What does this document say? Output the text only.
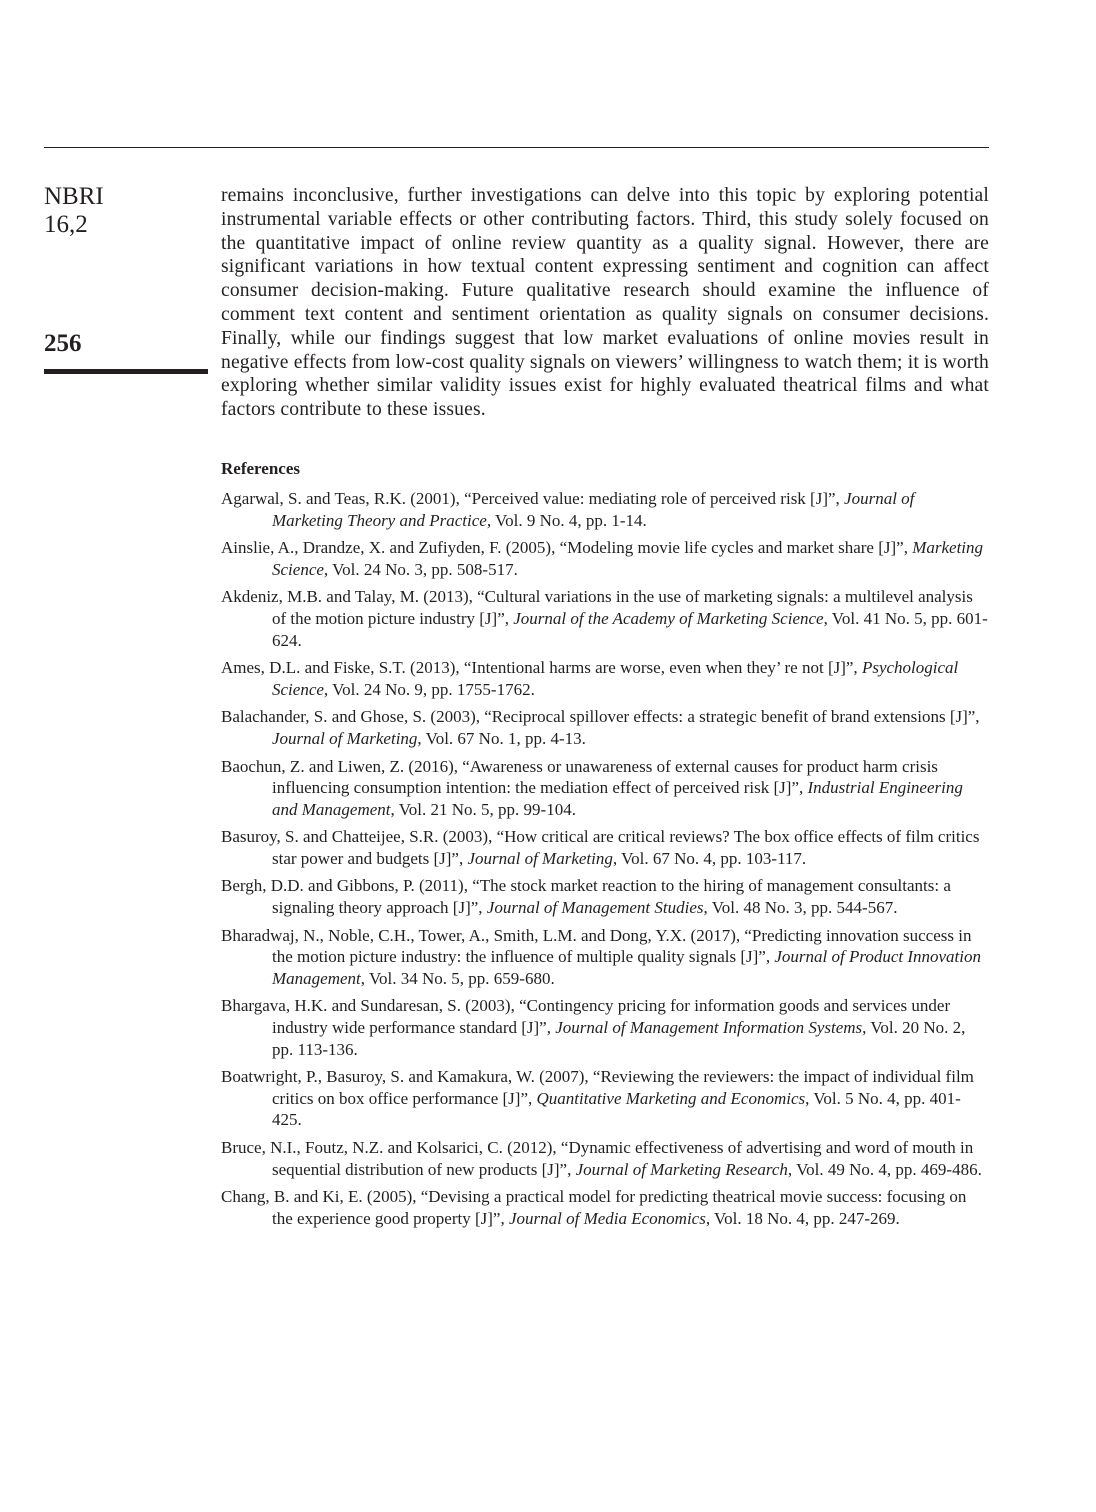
NBRI
16,2
256

remains inconclusive, further investigations can delve into this topic by exploring potential instrumental variable effects or other contributing factors. Third, this study solely focused on the quantitative impact of online review quantity as a quality signal. However, there are significant variations in how textual content expressing sentiment and cognition can affect consumer decision-making. Future qualitative research should examine the influence of comment text content and sentiment orientation as quality signals on consumer decisions. Finally, while our findings suggest that low market evaluations of online movies result in negative effects from low-cost quality signals on viewers’ willingness to watch them; it is worth exploring whether similar validity issues exist for highly evaluated theatrical films and what factors contribute to these issues.

References
Agarwal, S. and Teas, R.K. (2001), “Perceived value: mediating role of perceived risk [J]”, Journal of Marketing Theory and Practice, Vol. 9 No. 4, pp. 1-14.
Ainslie, A., Drandze, X. and Zufiyden, F. (2005), “Modeling movie life cycles and market share [J]”, Marketing Science, Vol. 24 No. 3, pp. 508-517.
Akdeniz, M.B. and Talay, M. (2013), “Cultural variations in the use of marketing signals: a multilevel analysis of the motion picture industry [J]”, Journal of the Academy of Marketing Science, Vol. 41 No. 5, pp. 601-624.
Ames, D.L. and Fiske, S.T. (2013), “Intentional harms are worse, even when they’ re not [J]”, Psychological Science, Vol. 24 No. 9, pp. 1755-1762.
Balachander, S. and Ghose, S. (2003), “Reciprocal spillover effects: a strategic benefit of brand extensions [J]”, Journal of Marketing, Vol. 67 No. 1, pp. 4-13.
Baochun, Z. and Liwen, Z. (2016), “Awareness or unawareness of external causes for product harm crisis influencing consumption intention: the mediation effect of perceived risk [J]”, Industrial Engineering and Management, Vol. 21 No. 5, pp. 99-104.
Basuroy, S. and Chatteijee, S.R. (2003), “How critical are critical reviews? The box office effects of film critics star power and budgets [J]”, Journal of Marketing, Vol. 67 No. 4, pp. 103-117.
Bergh, D.D. and Gibbons, P. (2011), “The stock market reaction to the hiring of management consultants: a signaling theory approach [J]”, Journal of Management Studies, Vol. 48 No. 3, pp. 544-567.
Bharadwaj, N., Noble, C.H., Tower, A., Smith, L.M. and Dong, Y.X. (2017), “Predicting innovation success in the motion picture industry: the influence of multiple quality signals [J]”, Journal of Product Innovation Management, Vol. 34 No. 5, pp. 659-680.
Bhargava, H.K. and Sundaresan, S. (2003), “Contingency pricing for information goods and services under industry wide performance standard [J]”, Journal of Management Information Systems, Vol. 20 No. 2, pp. 113-136.
Boatwright, P., Basuroy, S. and Kamakura, W. (2007), “Reviewing the reviewers: the impact of individual film critics on box office performance [J]”, Quantitative Marketing and Economics, Vol. 5 No. 4, pp. 401-425.
Bruce, N.I., Foutz, N.Z. and Kolsarici, C. (2012), “Dynamic effectiveness of advertising and word of mouth in sequential distribution of new products [J]”, Journal of Marketing Research, Vol. 49 No. 4, pp. 469-486.
Chang, B. and Ki, E. (2005), “Devising a practical model for predicting theatrical movie success: focusing on the experience good property [J]”, Journal of Media Economics, Vol. 18 No. 4, pp. 247-269.
